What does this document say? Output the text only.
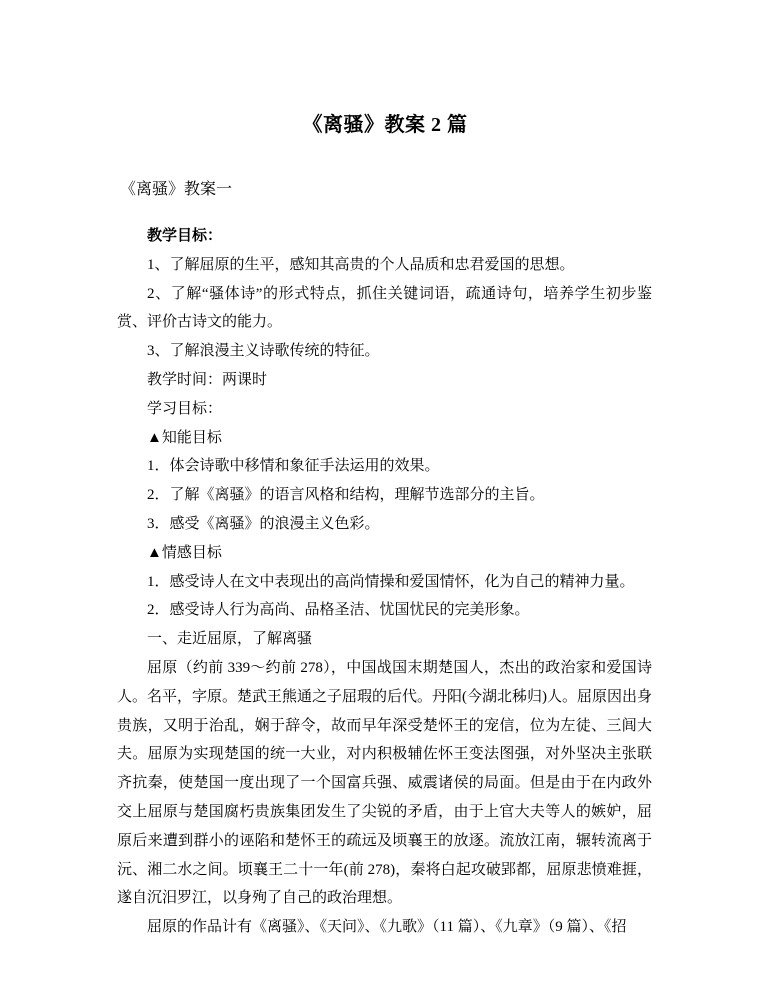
《离骚》教案 2 篇
《离骚》教案一

教学目标：

1、了解屈原的生平，感知其高贵的个人品质和忠君爱国的思想。

2、了解“骚体诗”的形式特点，抓住关键词语，疏通诗句，培养学生初步鉴赏、评价古诗文的能力。

3、了解浪漫主义诗歌传统的特征。

教学时间：两课时

学习目标：

▲知能目标

1．体会诗歌中移情和象征手法运用的效果。

2．了解《离骚》的语言风格和结构，理解节选部分的主旨。

3．感受《离骚》的浪漫主义色彩。

▲情感目标

1．感受诗人在文中表现出的高尚情操和爱国情怀，化为自己的精神力量。

2．感受诗人行为高尚、品格圣洁、忧国忧民的完美形象。

一、走近屈原，了解离骚

屈原（约前 339～约前 278），中国战国末期楚国人，杰出的政治家和爱国诗人。名平，字原。楚武王熊通之子屈瑕的后代。丹阳(今湖北秭归)人。屈原因出身贵族，又明于治乱，娴于辞令，故而早年深受楚怀王的宠信，位为左徒、三闾大夫。屈原为实现楚国的统一大业，对内积极辅佐怀王变法图强，对外坚决主张联齐抗秦，使楚国一度出现了一个国富兵强、威震诸侯的局面。但是由于在内政外交上屈原与楚国腐朽贵族集团发生了尖锐的矛盾，由于上官大夫等人的嫉妒，屈原后来遭到群小的诬陷和楚怀王的疏远及顷襄王的放逐。流放江南，辗转流离于沅、湘二水之间。顷襄王二十一年(前 278)，秦将白起攻破郢都，屈原悲愤难捱，遂自沉汨罗江，以身殉了自己的政治理想。

屈原的作品计有《离骚》、《天问》、《九歌》（11 篇）、《九章》（9 篇）、《招
